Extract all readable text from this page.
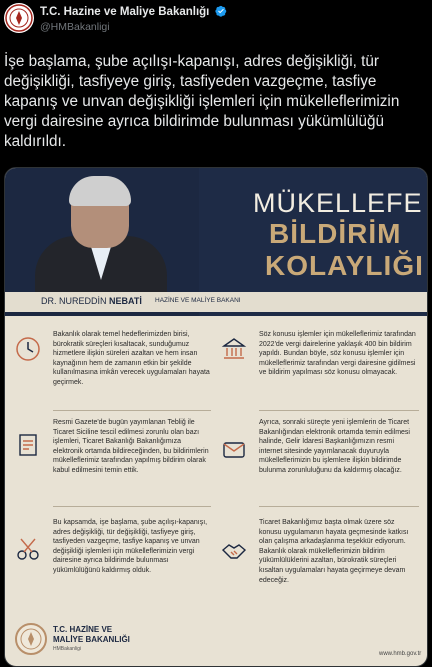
T.C. Hazine ve Maliye Bakanlığı
@HMBakanligi
İşe başlama, şube açılışı-kapanışı, adres değişikliği, tür değişikliği, tasfiyeye giriş, tasfiyeden vazgeçme, tasfiye kapanış ve unvan değişikliği işlemleri için mükelleflerimizin vergi dairesine ayrıca bildirimde bulunması yükümlülüğü kaldırıldı.
MÜKELLEFE
BİLDİRİM
KOLAYLIĞI
DR. NUREDDİN NEBATİ HAZİNE VE MALİYE BAKANI
Bakanlık olarak temel hedeflerimizden birisi, bürokratik süreçleri kısaltacak, sunduğumuz hizmetlere ilişkin süreleri azaltan ve hem insan kaynağının hem de zamanın etkin bir şekilde kullanılmasına imkân verecek uygulamaları hayata geçirmek.
Resmi Gazete'de bugün yayımlanan Tebliğ ile Ticaret Siciline tescil edilmesi zorunlu olan bazı işlemleri, Ticaret Bakanlığı Bakanlığımıza elektronik ortamda bildireceğinden, bu bildirimlerin mükelleflerimiz tarafından yapılmış bildirim olarak kabul edilmesini temin ettik.
Bu kapsamda, işe başlama, şube açılışı-kapanışı, adres değişikliği, tür değişikliği, tasfiyeye giriş, tasfiyeden vazgeçme, tasfiye kapanış ve unvan değişikliği işlemleri için mükelleflerimizin vergi dairesine ayrıca bildirimde bulunması yükümlülüğünü kaldırmış olduk.
Söz konusu işlemler için mükelleflerimiz tarafından 2022'de vergi dairelerine yaklaşık 400 bin bildirim yapıldı. Bundan böyle, söz konusu işlemler için mükelleflerimiz tarafından vergi dairesine gidilmesi ve bildirim yapılması söz konusu olmayacak.
Ayrıca, sonraki süreçte yeni işlemlerin de Ticaret Bakanlığından elektronik ortamda temin edilmesi halinde, Gelir İdaresi Başkanlığımızın resmi internet sitesinde yayımlanacak duyuruyla mükelleflerimizin bu işlemlere ilişkin bildirimde bulunma zorunluluğunu da kaldırmış olacağız.
Ticaret Bakanlığımız başta olmak üzere söz konusu uygulamanın hayata geçmesinde katkısı olan çalışma arkadaşlarıma teşekkür ediyorum. Bakanlık olarak mükelleflerimizin bildirim yükümlülüklerini azaltan, bürokratik süreçleri kısaltan uygulamaları hayata geçirmeye devam edeceğiz.
T.C. HAZİNE VE
MALİYE BAKANLIĞI
HMBakanligi
www.hmb.gov.tr
